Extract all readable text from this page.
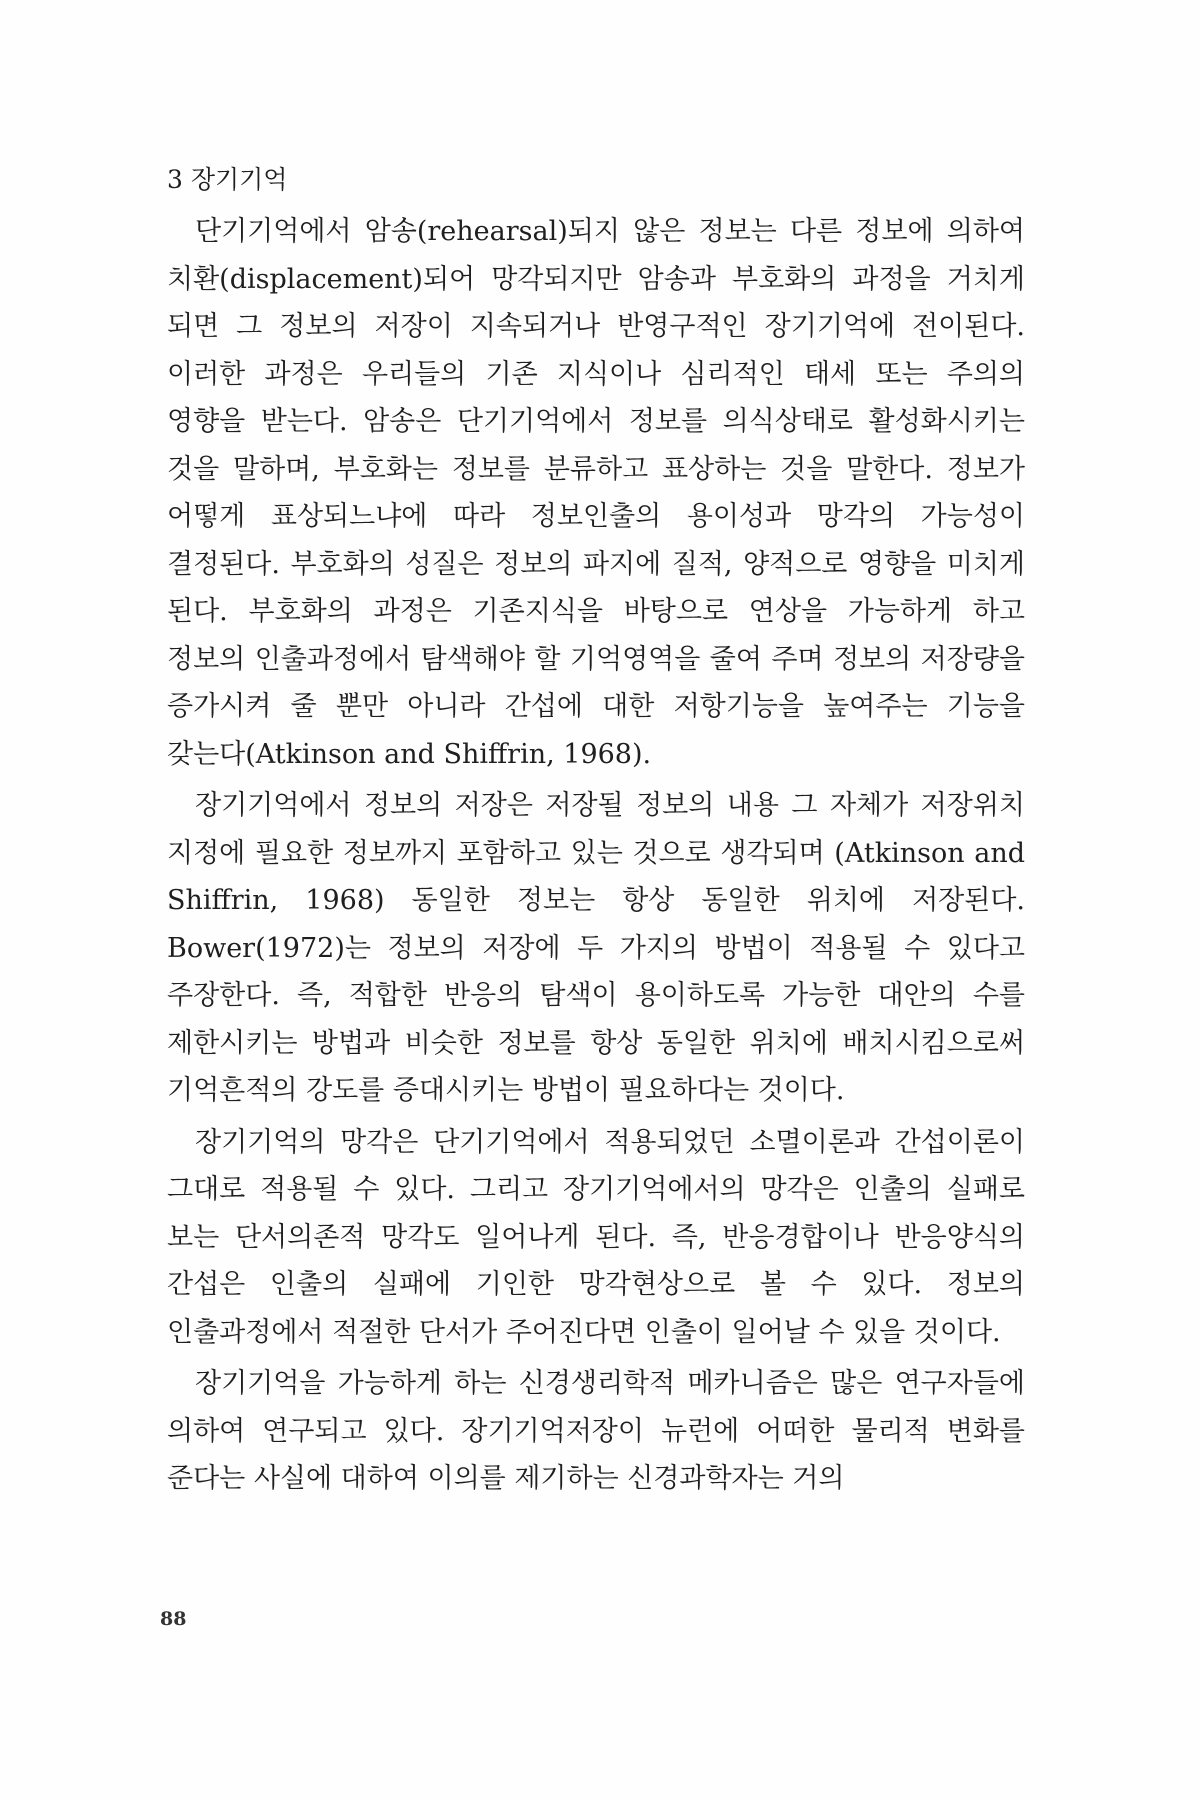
3 장기기억

단기기억에서 암송(rehearsal)되지 않은 정보는 다른 정보에 의하여 치환(displacement)되어 망각되지만 암송과 부호화의 과정을 거치게 되면 그 정보의 저장이 지속되거나 반영구적인 장기기억에 전이된다. 이러한 과정은 우리들의 기존 지식이나 심리적인 태세 또는 주의의 영향을 받는다. 암송은 단기기억에서 정보를 의식상태로 활성화시키는 것을 말하며, 부호화는 정보를 분류하고 표상하는 것을 말한다. 정보가 어떻게 표상되느냐에 따라 정보인출의 용이성과 망각의 가능성이 결정된다. 부호화의 성질은 정보의 파지에 질적, 양적으로 영향을 미치게 된다. 부호화의 과정은 기존지식을 바탕으로 연상을 가능하게 하고 정보의 인출과정에서 탐색해야 할 기억영역을 줄여 주며 정보의 저장량을 증가시켜 줄 뿐만 아니라 간섭에 대한 저항기능을 높여주는 기능을 갖는다(Atkinson and Shiffrin, 1968).

장기기억에서 정보의 저장은 저장될 정보의 내용 그 자체가 저장위치 지정에 필요한 정보까지 포함하고 있는 것으로 생각되며 (Atkinson and Shiffrin, 1968) 동일한 정보는 항상 동일한 위치에 저장된다. Bower(1972)는 정보의 저장에 두 가지의 방법이 적용될 수 있다고 주장한다. 즉, 적합한 반응의 탐색이 용이하도록 가능한 대안의 수를 제한시키는 방법과 비슷한 정보를 항상 동일한 위치에 배치시킴으로써 기억흔적의 강도를 증대시키는 방법이 필요하다는 것이다.

장기기억의 망각은 단기기억에서 적용되었던 소멸이론과 간섭이론이 그대로 적용될 수 있다. 그리고 장기기억에서의 망각은 인출의 실패로 보는 단서의존적 망각도 일어나게 된다. 즉, 반응경합이나 반응양식의 간섭은 인출의 실패에 기인한 망각현상으로 볼 수 있다. 정보의 인출과정에서 적절한 단서가 주어진다면 인출이 일어날 수 있을 것이다.

장기기억을 가능하게 하는 신경생리학적 메카니즘은 많은 연구자들에 의하여 연구되고 있다. 장기기억저장이 뉴런에 어떠한 물리적 변화를 준다는 사실에 대하여 이의를 제기하는 신경과학자는 거의

88
